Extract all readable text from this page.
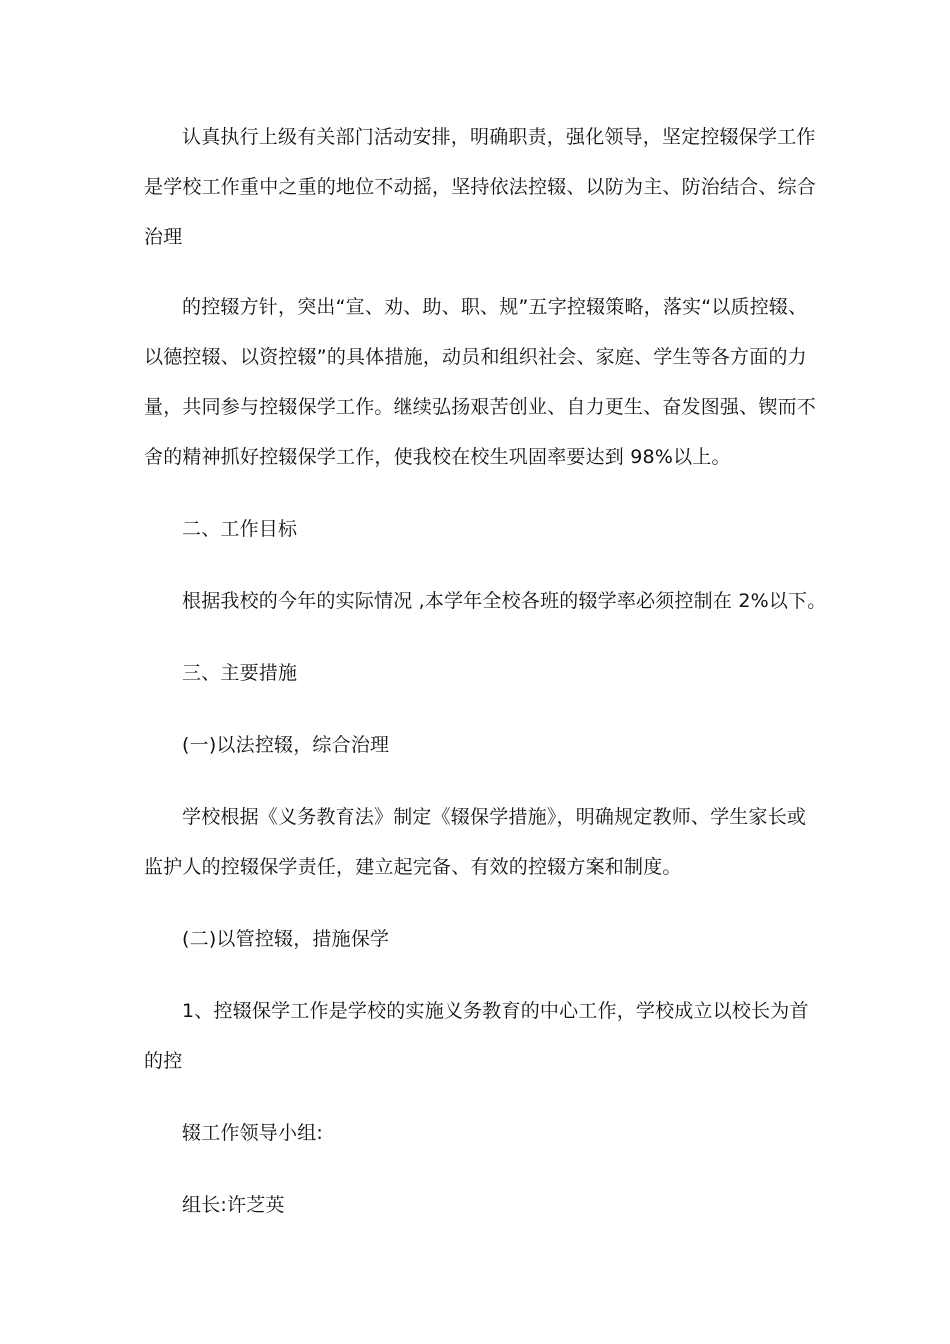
认真执行上级有关部门活动安排，明确职责，强化领导，坚定控辍保学工作
是学校工作重中之重的地位不动摇，坚持依法控辍、以防为主、防治结合、综合
治理
的控辍方针，突出“宣、劝、助、职、规”五字控辍策略，落实“以质控辍、
以德控辍、以资控辍”的具体措施，动员和组织社会、家庭、学生等各方面的力
量，共同参与控辍保学工作。继续弘扬艰苦创业、自力更生、奋发图强、锲而不
舍的精神抓好控辍保学工作，使我校在校生巩固率要达到 98%以上。
二、工作目标
根据我校的今年的实际情况 ,本学年全校各班的辍学率必须控制在 2%以下。
三、主要措施
(一)以法控辍，综合治理
学校根据《义务教育法》制定《辍保学措施》，明确规定教师、学生家长或
监护人的控辍保学责任，建立起完备、有效的控辍方案和制度。
(二)以管控辍，措施保学
1、控辍保学工作是学校的实施义务教育的中心工作，学校成立以校长为首
的控
辍工作领导小组:
组长:许芝英
